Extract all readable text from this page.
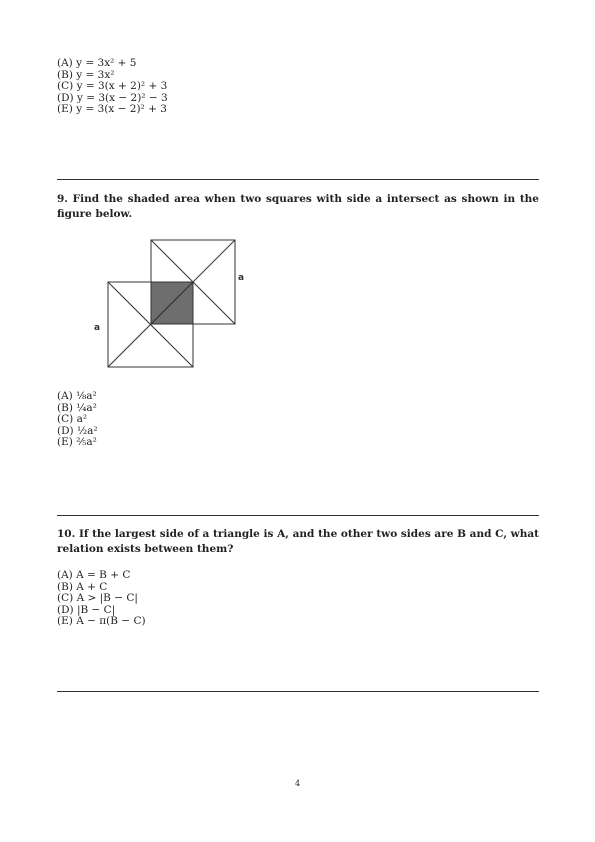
(A) y = 3x² + 5
(B) y = 3x²
(C) y = 3(x + 2)² + 3
(D) y = 3(x − 2)² − 3
(E) y = 3(x − 2)² + 3
9. Find the shaded area when two squares with side a intersect as shown in the figure below.
a
a
(A) ⅛a²
(B) ¼a²
(C) a²
(D) ½a²
(E) ⅖a²
10. If the largest side of a triangle is A, and the other two sides are B and C, what relation exists between them?
(A) A = B + C
(B) A + C
(C) A > |B − C|
(D) |B − C|
(E) A − π(B − C)
4
